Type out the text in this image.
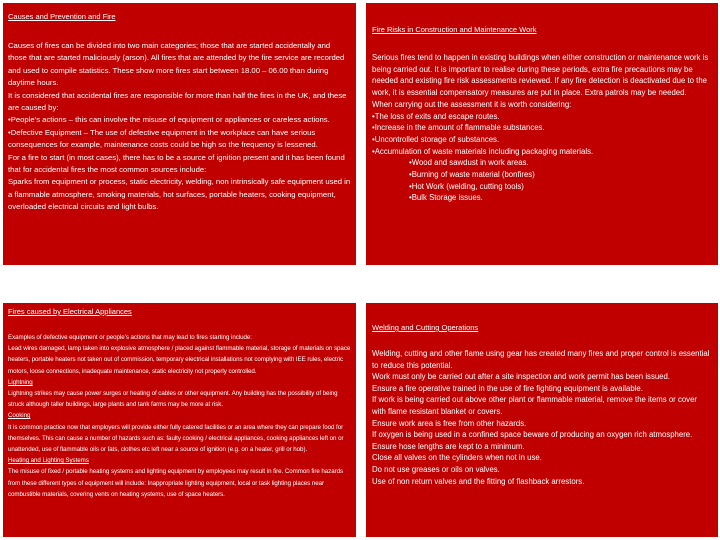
Causes and Prevention and Fire
Causes of fires can be divided into two main categories; those that are started accidentally and those that are started maliciously (arson). All fires that are attended by the fire service are recorded and used to compile statistics. These show more fires start between 18.00 – 06.00 than during daytime hours.
It is considered that accidental fires are responsible for more than half the fires in the UK, and these are caused by:
•People’s actions – this can involve the misuse of equipment or appliances or careless actions.
•Defective Equipment – The use of defective equipment in the workplace can have serious consequences for example, maintenance costs could be high so the frequency is lessened.
For a fire to start (in most cases), there has to be a source of ignition present and it has been found that for accidental fires the most common sources include:
Sparks from equipment or process, static electricity, welding, non intrinsically safe equipment used in a flammable atmosphere, smoking materials, hot surfaces, portable heaters, cooking equipment, overloaded electrical circuits and light bulbs.
Fire Risks in Construction and Maintenance Work
Serious fires tend to happen in existing buildings when either construction or maintenance work is being carried out. It is important to realise during these periods, extra fire precautions may be needed and existing fire risk assessments reviewed. If any fire detection is deactivated due to the work, it is essential compensatory measures are put in place. Extra patrols may be needed.
When carrying out the assessment it is worth considering:
•The loss of exits and escape routes.
•Increase in the amount of flammable substances.
•Uncontrolled storage of substances.
•Accumulation of waste materials including packaging materials.
•Wood and sawdust in work areas.
•Burning of waste material (bonfires)
•Hot Work (welding, cutting tools)
•Bulk Storage issues.
Fires caused by Electrical Appliances
Examples of defective equipment or people’s actions that may lead to fires starting include:
Lead wires damaged, lamp taken into explosive atmosphere / placed against flammable material, storage of materials on space heaters, portable heaters not taken out of commission, temporary electrical installations not complying with IEE rules, electric motors, loose connections, inadequate maintenance, static electricity not properly controlled.
Lightning
Lightning strikes may cause power surges or heating of cables or other equipment. Any building has the possibility of being struck although taller buildings, large plants and tank farms may be more at risk.
Cooking
It is common practice now that employers will provide either fully catered facilities or an area where they can prepare food for themselves. This can cause a number of hazards such as: faulty cooking / electrical appliances, cooking appliances left on or unattended, use of flammable oils or fats, clothes etc left near a source of ignition (e.g. on a heater, grill or hob).
Heating and Lighting Systems
The misuse of fixed / portable heating systems and lighting equipment by employees may result in fire. Common fire hazards from these different types of equipment will include: Inappropriate lighting equipment, local or task lighting places near combustible materials, covering vents on heating systems, use of space heaters.
Welding and Cutting Operations
Welding, cutting and other flame using gear has created many fires and proper control is essential to reduce this potential.
Work must only be carried out after a site inspection and work permit has been issued.
Ensure a fire operative trained in the use of fire fighting equipment is available.
If work is being carried out above other plant or flammable material, remove the items or cover with flame resistant blanket or covers.
Ensure work area is free from other hazards.
If oxygen is being used in a confined space beware of producing an oxygen rich atmosphere.
Ensure hose lengths are kept to a minimum.
Close all valves on the cylinders when not in use.
Do not use greases or oils on valves.
Use of non return valves and the fitting of flashback arrestors.
